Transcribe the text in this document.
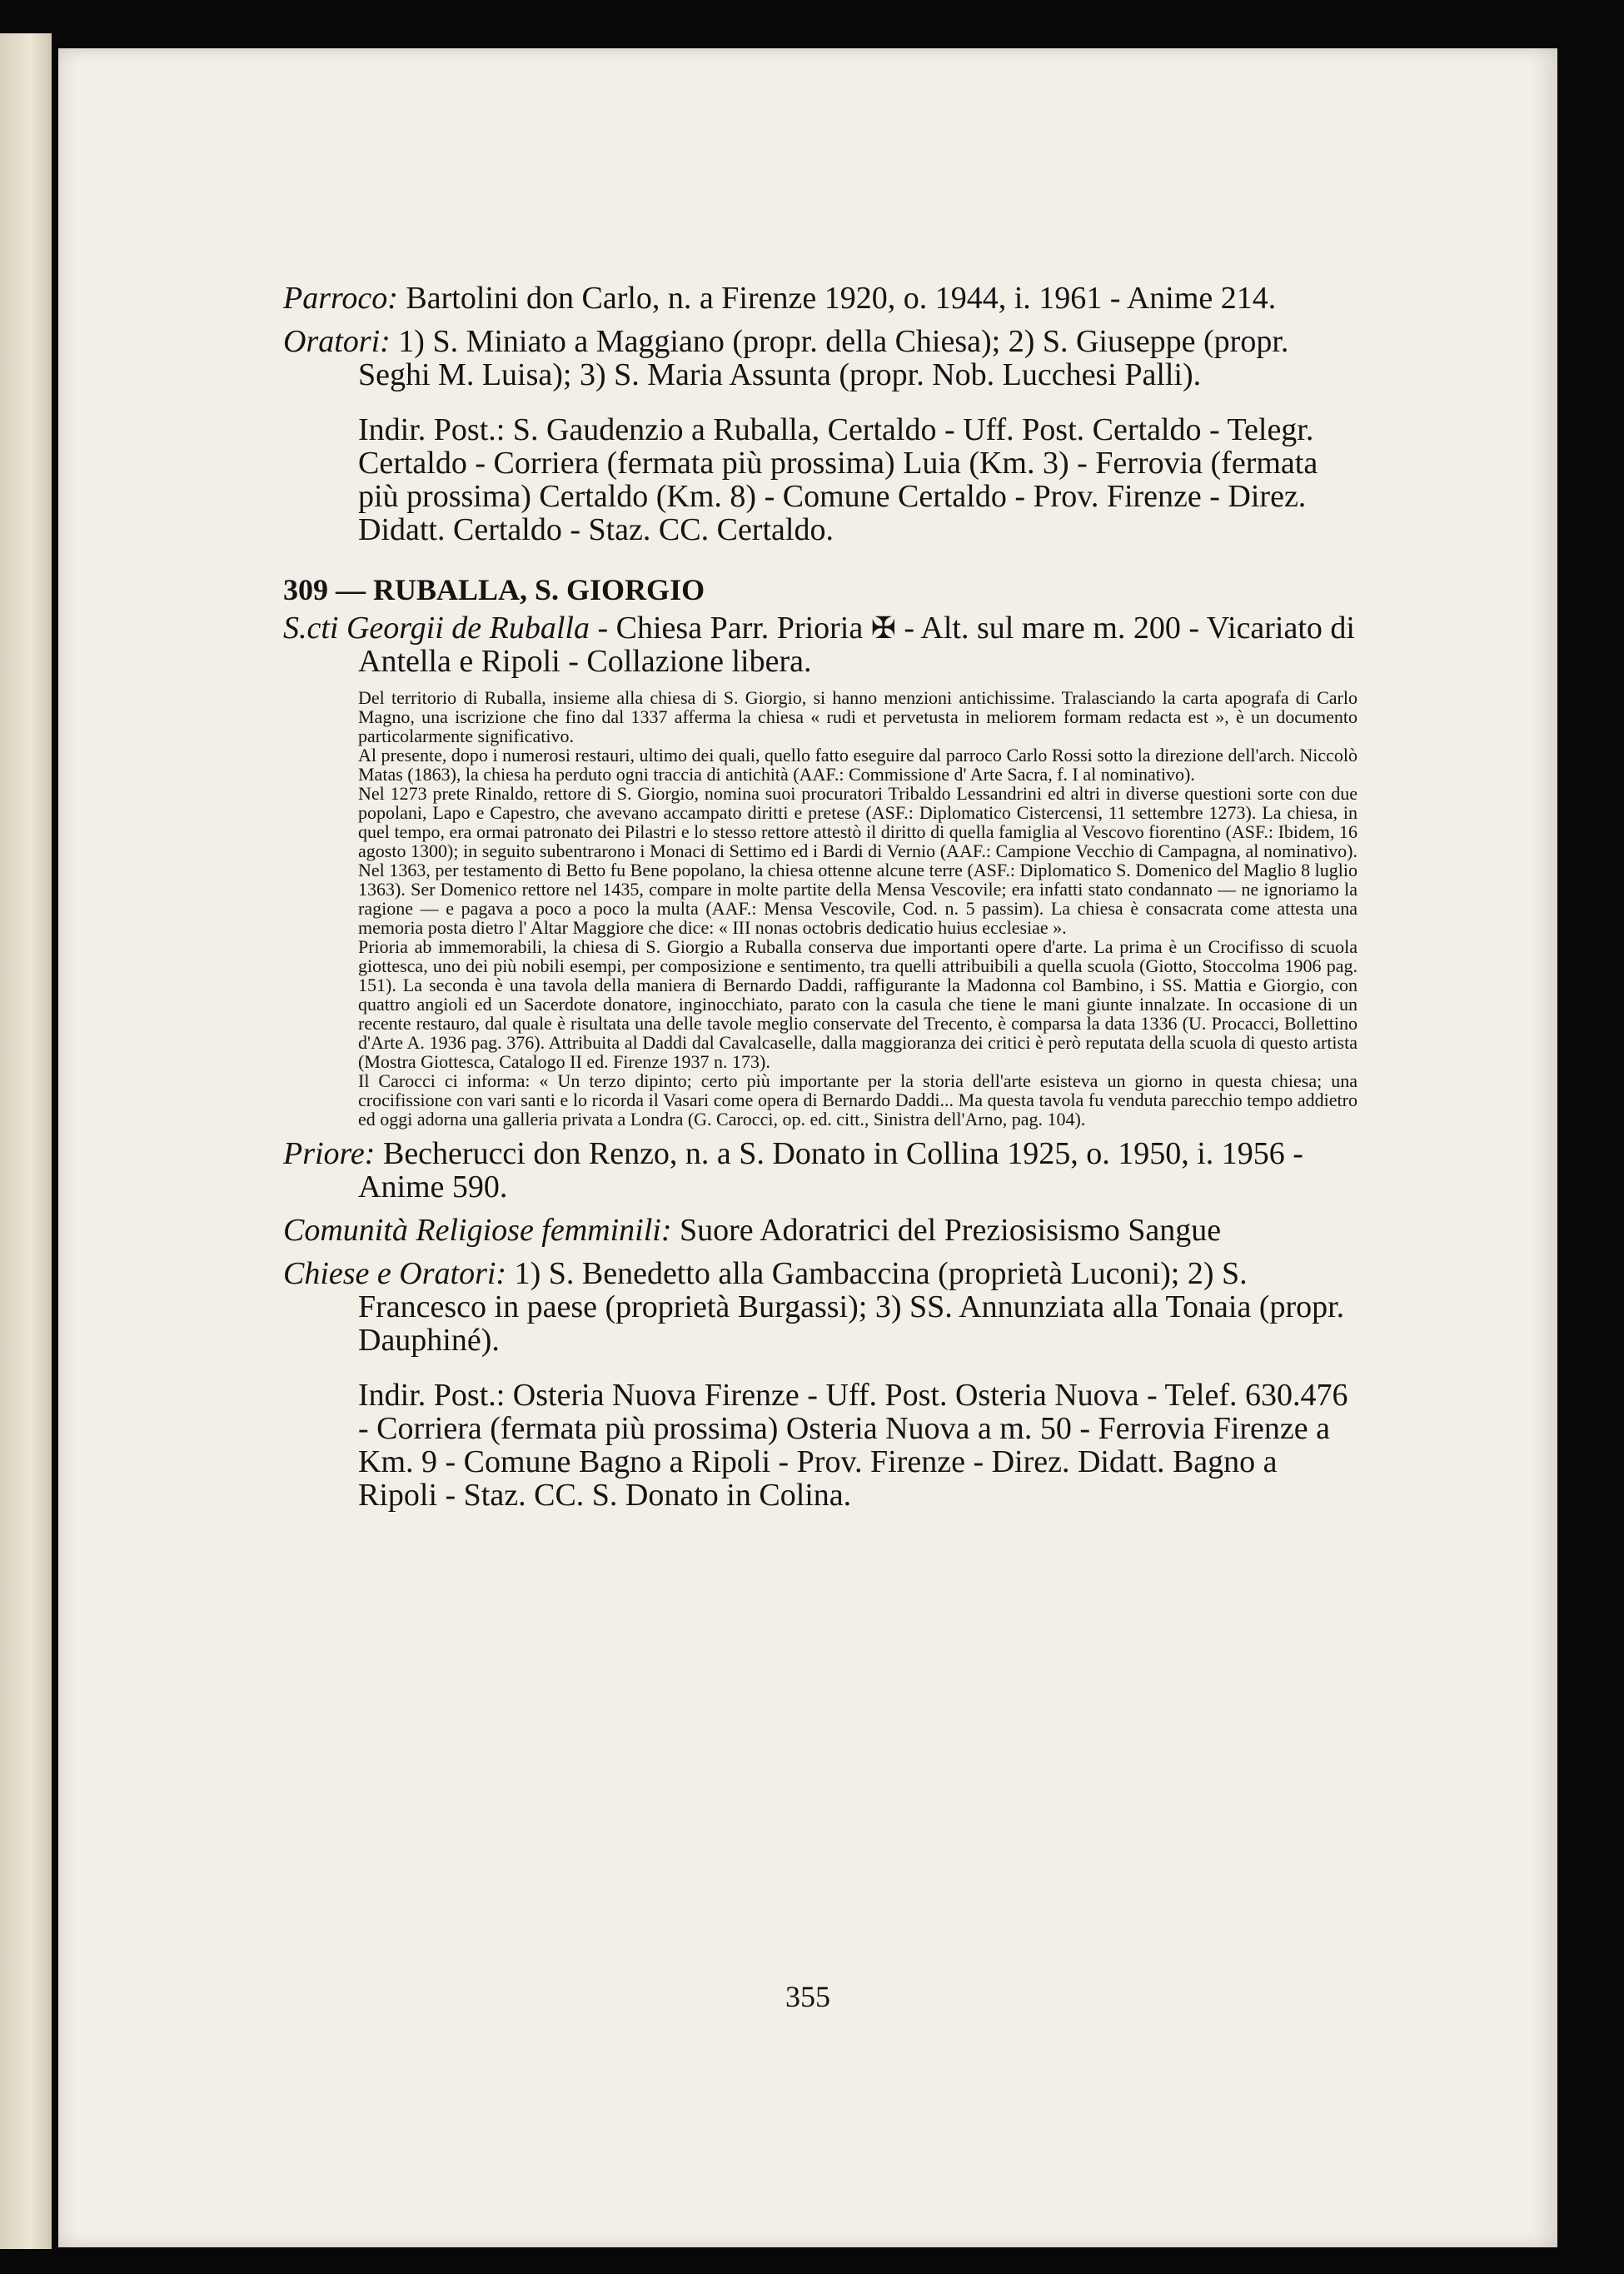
Parroco: Bartolini don Carlo, n. a Firenze 1920, o. 1944, i. 1961 - Anime 214.
Oratori: 1) S. Miniato a Maggiano (propr. della Chiesa); 2) S. Giuseppe (propr. Seghi M. Luisa); 3) S. Maria Assunta (propr. Nob. Lucchesi Palli).
Indir. Post.: S. Gaudenzio a Ruballa, Certaldo - Uff. Post. Certaldo - Telegr. Certaldo - Corriera (fermata più prossima) Luia (Km. 3) - Ferrovia (fermata più prossima) Certaldo (Km. 8) - Comune Certaldo - Prov. Firenze - Direz. Didatt. Certaldo - Staz. CC. Certaldo.
309 — RUBALLA, S. GIORGIO
S.cti Georgii de Ruballa - Chiesa Parr. Prioria ✠ - Alt. sul mare m. 200 - Vicariato di Antella e Ripoli - Collazione libera.

Del territorio di Ruballa, insieme alla chiesa di S. Giorgio, si hanno menzioni antichissime. Tralasciando la carta apografa di Carlo Magno, una iscrizione che fino dal 1337 afferma la chiesa « rudi et pervetusta in meliorem formam redacta est », è un documento particolarmente significativo.

Al presente, dopo i numerosi restauri, ultimo dei quali, quello fatto eseguire dal parroco Carlo Rossi sotto la direzione dell'arch. Niccolò Matas (1863), la chiesa ha perduto ogni traccia di antichità (AAF.: Commissione d' Arte Sacra, f. I al nominativo).

Nel 1273 prete Rinaldo, rettore di S. Giorgio, nomina suoi procuratori Tribaldo Lessandrini ed altri in diverse questioni sorte con due popolani, Lapo e Capestro, che avevano accampato diritti e pretese (ASF.: Diplomatico Cistercensi, 11 settembre 1273). La chiesa, in quel tempo, era ormai patronato dei Pilastri e lo stesso rettore attestò il diritto di quella famiglia al Vescovo fiorentino (ASF.: Ibidem, 16 agosto 1300); in seguito subentrarono i Monaci di Settimo ed i Bardi di Vernio (AAF.: Campione Vecchio di Campagna, al nominativo). Nel 1363, per testamento di Betto fu Bene popolano, la chiesa ottenne alcune terre (ASF.: Diplomatico S. Domenico del Maglio 8 luglio 1363). Ser Domenico rettore nel 1435, compare in molte partite della Mensa Vescovile; era infatti stato condannato — ne ignoriamo la ragione — e pagava a poco a poco la multa (AAF.: Mensa Vescovile, Cod. n. 5 passim). La chiesa è consacrata come attesta una memoria posta dietro l' Altar Maggiore che dice: « III nonas octobris dedicatio huius ecclesiae ».

Prioria ab immemorabili, la chiesa di S. Giorgio a Ruballa conserva due importanti opere d'arte. La prima è un Crocifisso di scuola giottesca, uno dei più nobili esempi, per composizione e sentimento, tra quelli attribuibili a quella scuola (Giotto, Stoccolma 1906 pag. 151). La seconda è una tavola della maniera di Bernardo Daddi, raffigurante la Madonna col Bambino, i SS. Mattia e Giorgio, con quattro angioli ed un Sacerdote donatore, inginocchiato, parato con la casula che tiene le mani giunte innalzate. In occasione di un recente restauro, dal quale è risultata una delle tavole meglio conservate del Trecento, è comparsa la data 1336 (U. Procacci, Bollettino d'Arte A. 1936 pag. 376). Attribuita al Daddi dal Cavalcaselle, dalla maggioranza dei critici è però reputata della scuola di questo artista (Mostra Giottesca, Catalogo II ed. Firenze 1937 n. 173).

Il Carocci ci informa: « Un terzo dipinto; certo più importante per la storia dell'arte esisteva un giorno in questa chiesa; una crocifissione con vari santi e lo ricorda il Vasari come opera di Bernardo Daddi... Ma questa tavola fu venduta parecchio tempo addietro ed oggi adorna una galleria privata a Londra (G. Carocci, op. ed. citt., Sinistra dell'Arno, pag. 104).

Priore: Becherucci don Renzo, n. a S. Donato in Collina 1925, o. 1950, i. 1956 - Anime 590.
Comunità Religiose femminili: Suore Adoratrici del Preziosisismo Sangue
Chiese e Oratori: 1) S. Benedetto alla Gambaccina (proprietà Luconi); 2) S. Francesco in paese (proprietà Burgassi); 3) SS. Annunziata alla Tonaia (propr. Dauphiné).
Indir. Post.: Osteria Nuova Firenze - Uff. Post. Osteria Nuova - Telef. 630.476 - Corriera (fermata più prossima) Osteria Nuova a m. 50 - Ferrovia Firenze a Km. 9 - Comune Bagno a Ripoli - Prov. Firenze - Direz. Didatt. Bagno a Ripoli - Staz. CC. S. Donato in Colina.
355
